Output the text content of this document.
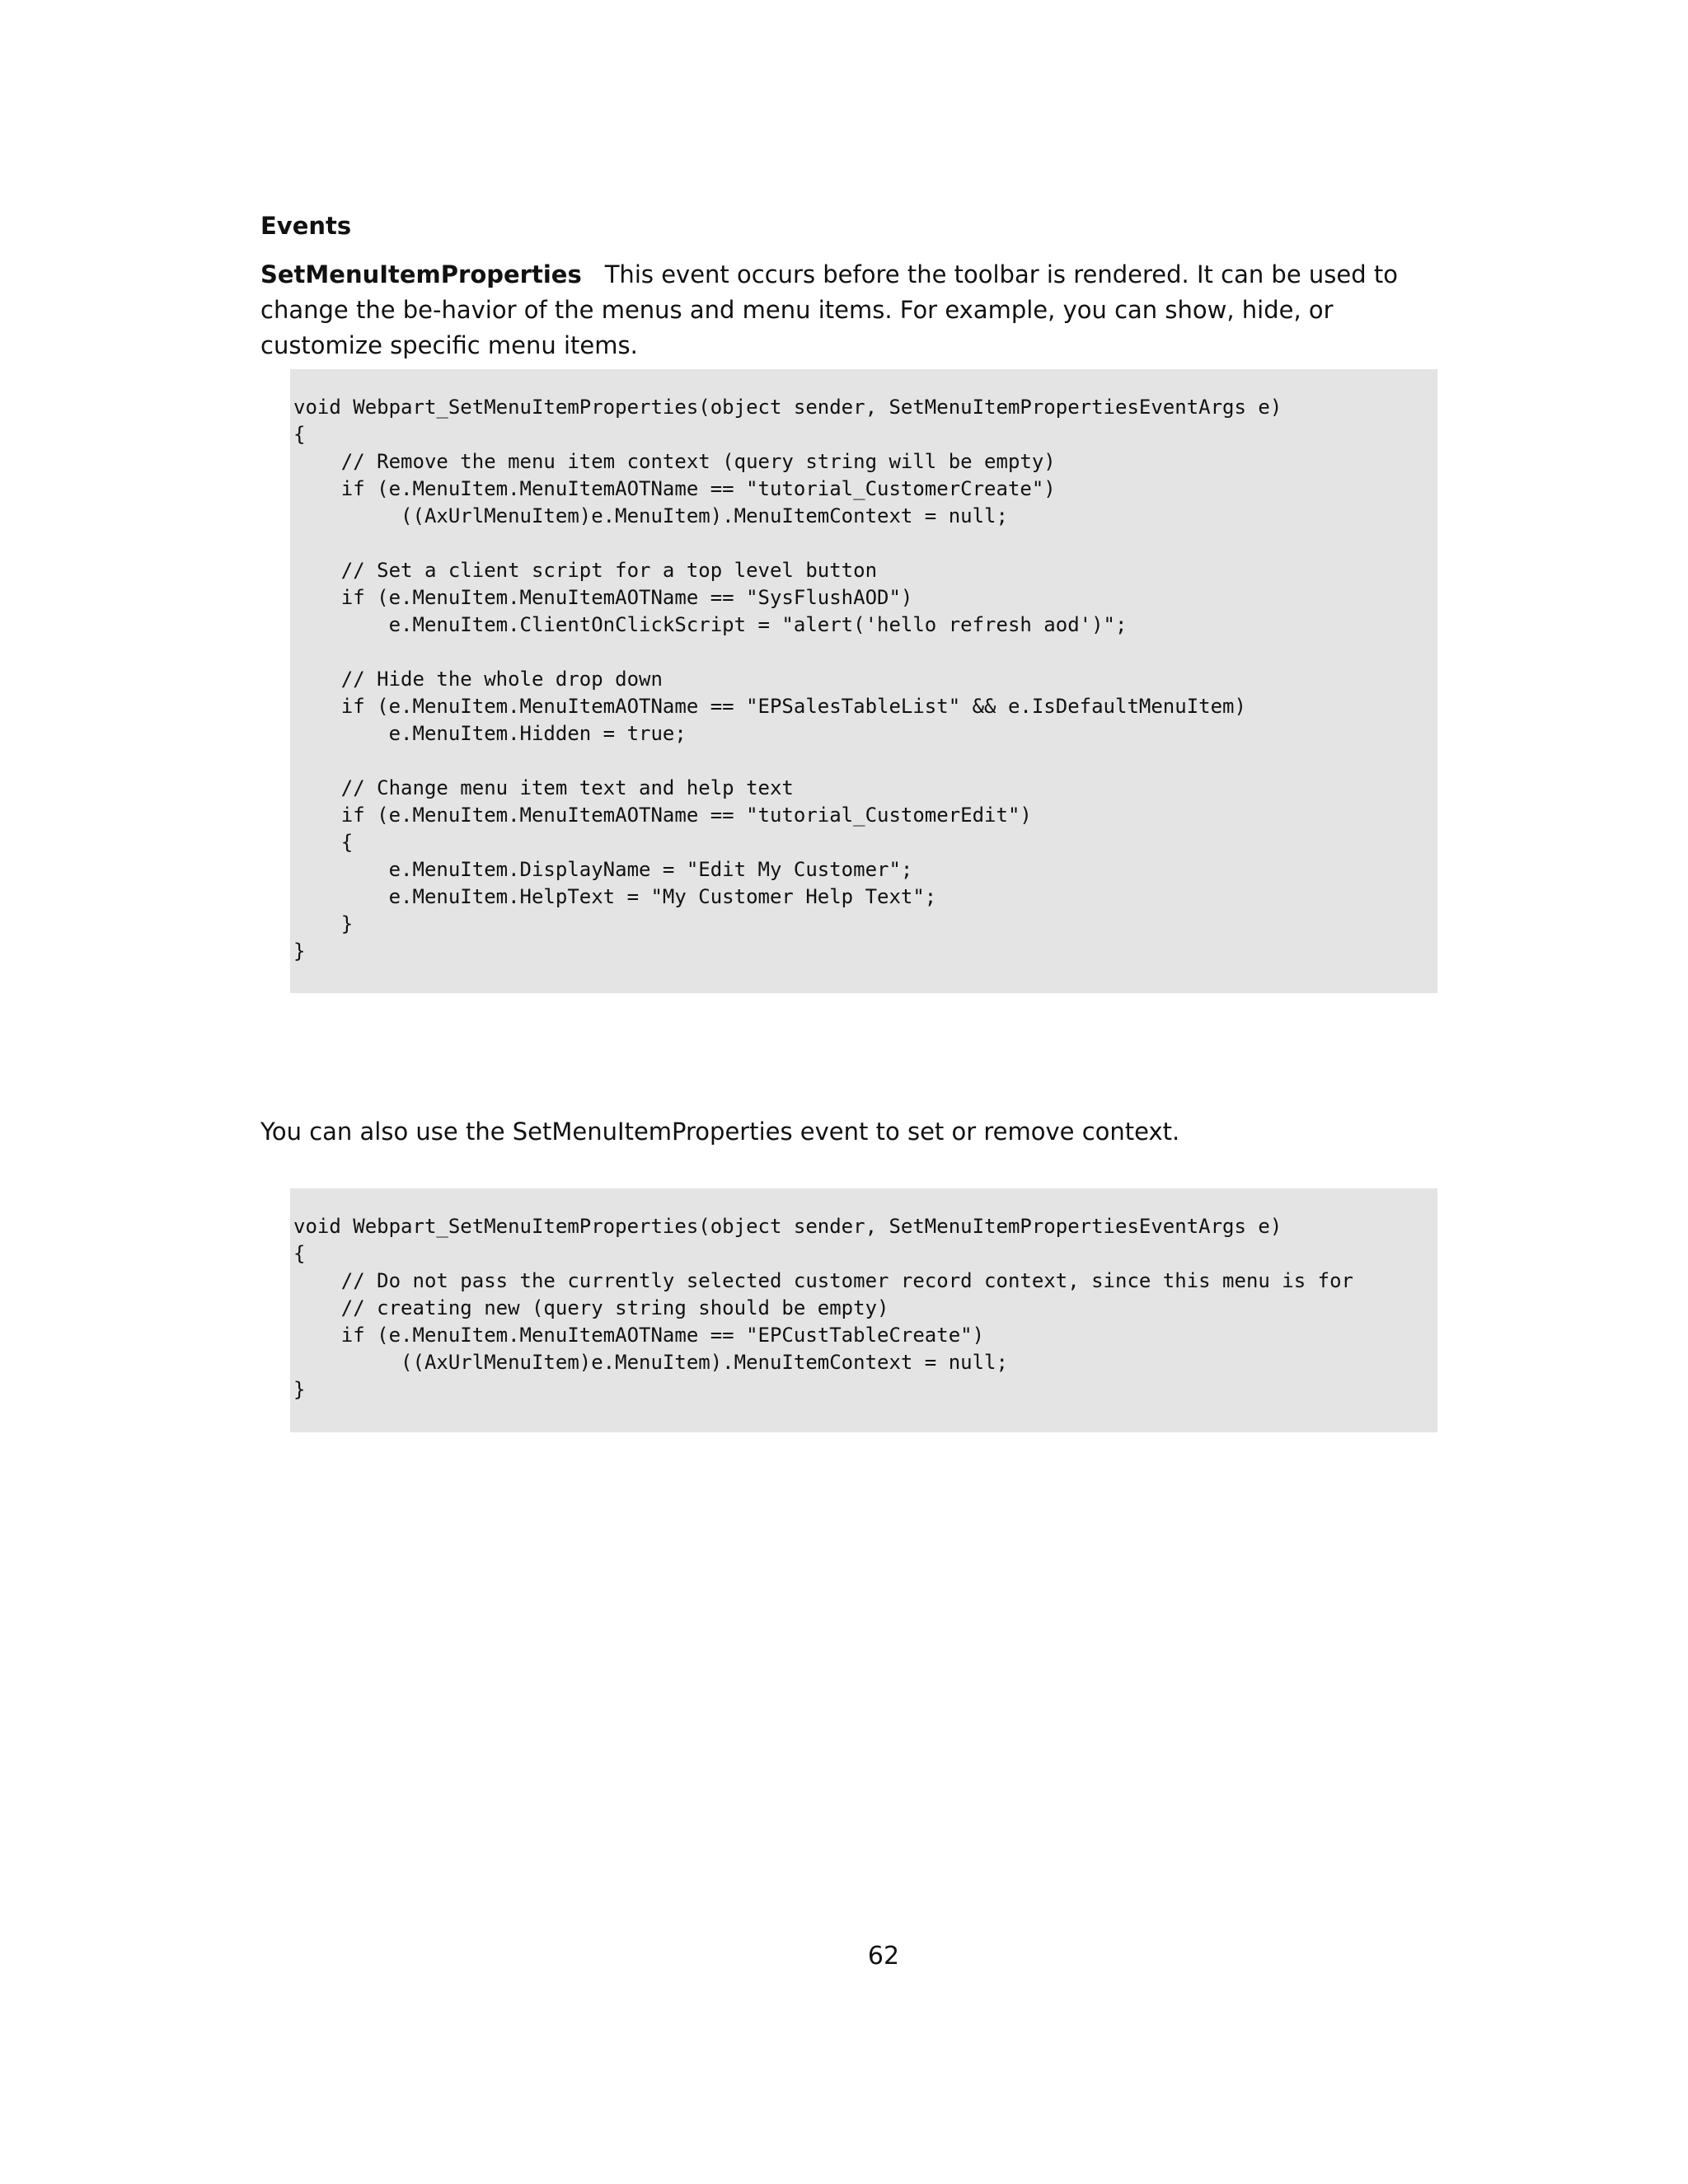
Events

SetMenuItemProperties This event occurs before the toolbar is rendered. It can be used to change the be-havior of the menus and menu items. For example, you can show, hide, or customize specific menu items.

void Webpart_SetMenuItemProperties(object sender, SetMenuItemPropertiesEventArgs e)
{
// Remove the menu item context (query string will be empty)
if (e.MenuItem.MenuItemAOTName == "tutorial_CustomerCreate")
((AxUrlMenuItem)e.MenuItem).MenuItemContext = null;

// Set a client script for a top level button
if (e.MenuItem.MenuItemAOTName == "SysFlushAOD")
e.MenuItem.ClientOnClickScript = "alert('hello refresh aod')";

// Hide the whole drop down
if (e.MenuItem.MenuItemAOTName == "EPSalesTableList" && e.IsDefaultMenuItem)
e.MenuItem.Hidden = true;

// Change menu item text and help text
if (e.MenuItem.MenuItemAOTName == "tutorial_CustomerEdit")
{
e.MenuItem.DisplayName = "Edit My Customer";
e.MenuItem.HelpText = "My Customer Help Text";
}
}

You can also use the SetMenuItemProperties event to set or remove context.

void Webpart_SetMenuItemProperties(object sender, SetMenuItemPropertiesEventArgs e)
{
// Do not pass the currently selected customer record context, since this menu is for
// creating new (query string should be empty)
if (e.MenuItem.MenuItemAOTName == "EPCustTableCreate")
((AxUrlMenuItem)e.MenuItem).MenuItemContext = null;
}

62
